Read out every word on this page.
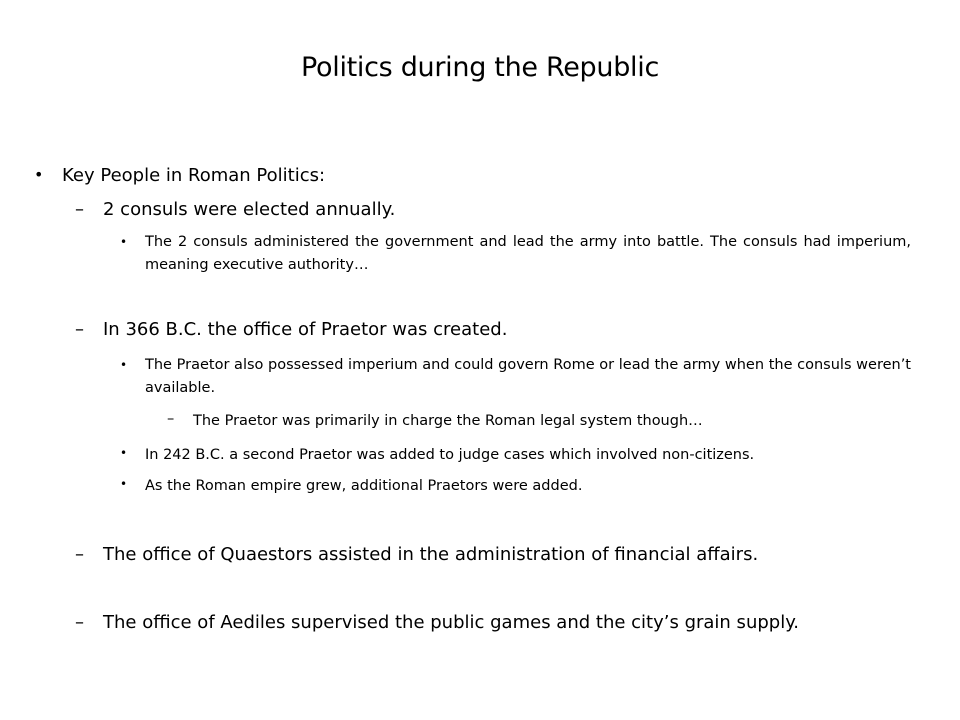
Politics during the Republic
• Key People in Roman Politics:
– 2 consuls were elected annually.
• The 2 consuls administered the government and lead the army into battle. The consuls had imperium, meaning executive authority…
– In 366 B.C. the office of Praetor was created.
• The Praetor also possessed imperium and could govern Rome or lead the army when the consuls weren’t available.
– The Praetor was primarily in charge the Roman legal system though…
• In 242 B.C. a second Praetor was added to judge cases which involved non-citizens.
• As the Roman empire grew, additional Praetors were added.
– The office of Quaestors assisted in the administration of financial affairs.
– The office of Aediles supervised the public games and the city’s grain supply.
